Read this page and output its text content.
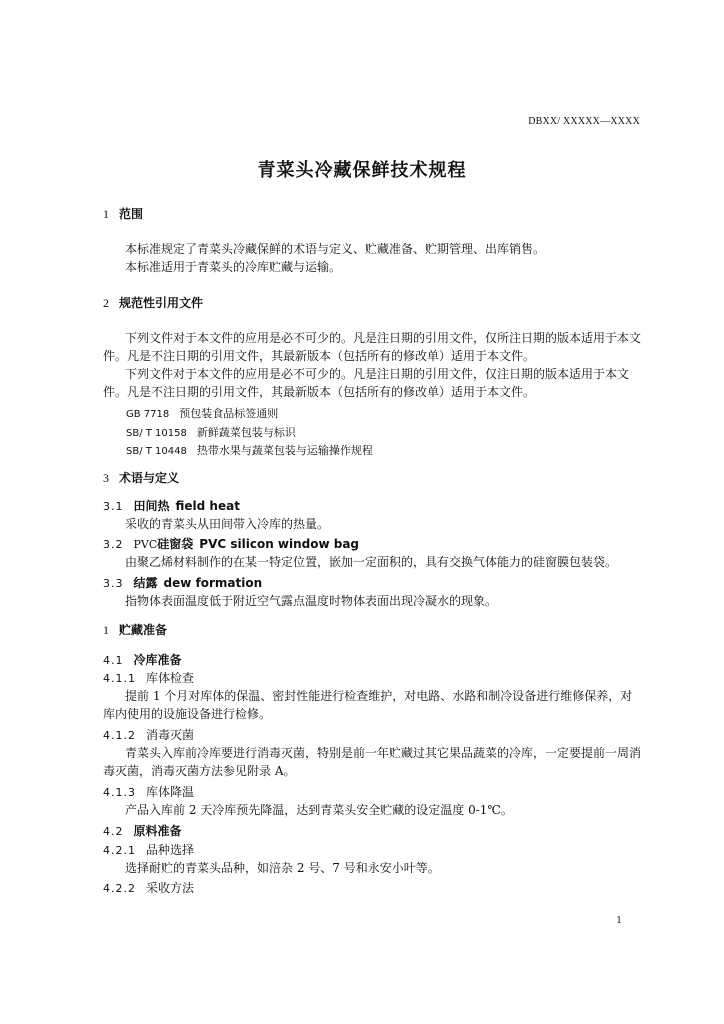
DBXX/ XXXXX—XXXX
青菜头冷藏保鲜技术规程
1 范围
本标准规定了青菜头冷藏保鲜的术语与定义、贮藏准备、贮期管理、出库销售。
本标准适用于青菜头的冷库贮藏与运输。
2 规范性引用文件
下列文件对于本文件的应用是必不可少的。凡是注日期的引用文件，仅所注日期的版本适用于本文件。凡是不注日期的引用文件，其最新版本（包括所有的修改单）适用于本文件。
下列文件对于本文件的应用是必不可少的。凡是注日期的引用文件，仅注日期的版本适用于本文件。凡是不注日期的引用文件，其最新版本（包括所有的修改单）适用于本文件。
GB 7718 预包装食品标签通则
SB/ T 10158 新鲜蔬菜包装与标识
SB/ T 10448 热带水果与蔬菜包装与运输操作规程
3 术语与定义
3.1 田间热 field heat
采收的青菜头从田间带入冷库的热量。
3.2 PVC硅窗袋 PVC silicon window bag
由聚乙烯材料制作的在某一特定位置，嵌加一定面积的，具有交换气体能力的硅窗膜包装袋。
3.3 结露 dew formation
指物体表面温度低于附近空气露点温度时物体表面出现冷凝水的现象。
1 贮藏准备
4.1 冷库准备
4.1.1 库体检查
提前 1 个月对库体的保温、密封性能进行检查维护，对电路、水路和制冷设备进行维修保养，对库内使用的设施设备进行检修。
4.1.2 消毒灭菌
青菜头入库前冷库要进行消毒灭菌，特别是前一年贮藏过其它果品蔬菜的冷库，一定要提前一周消毒灭菌，消毒灭菌方法参见附录 A。
4.1.3 库体降温
产品入库前 2 天冷库预先降温，达到青菜头安全贮藏的设定温度 0-1℃。
4.2 原料准备
4.2.1 品种选择
选择耐贮的青菜头品种，如涪杂 2 号、7 号和永安小叶等。
4.2.2 采收方法
1
